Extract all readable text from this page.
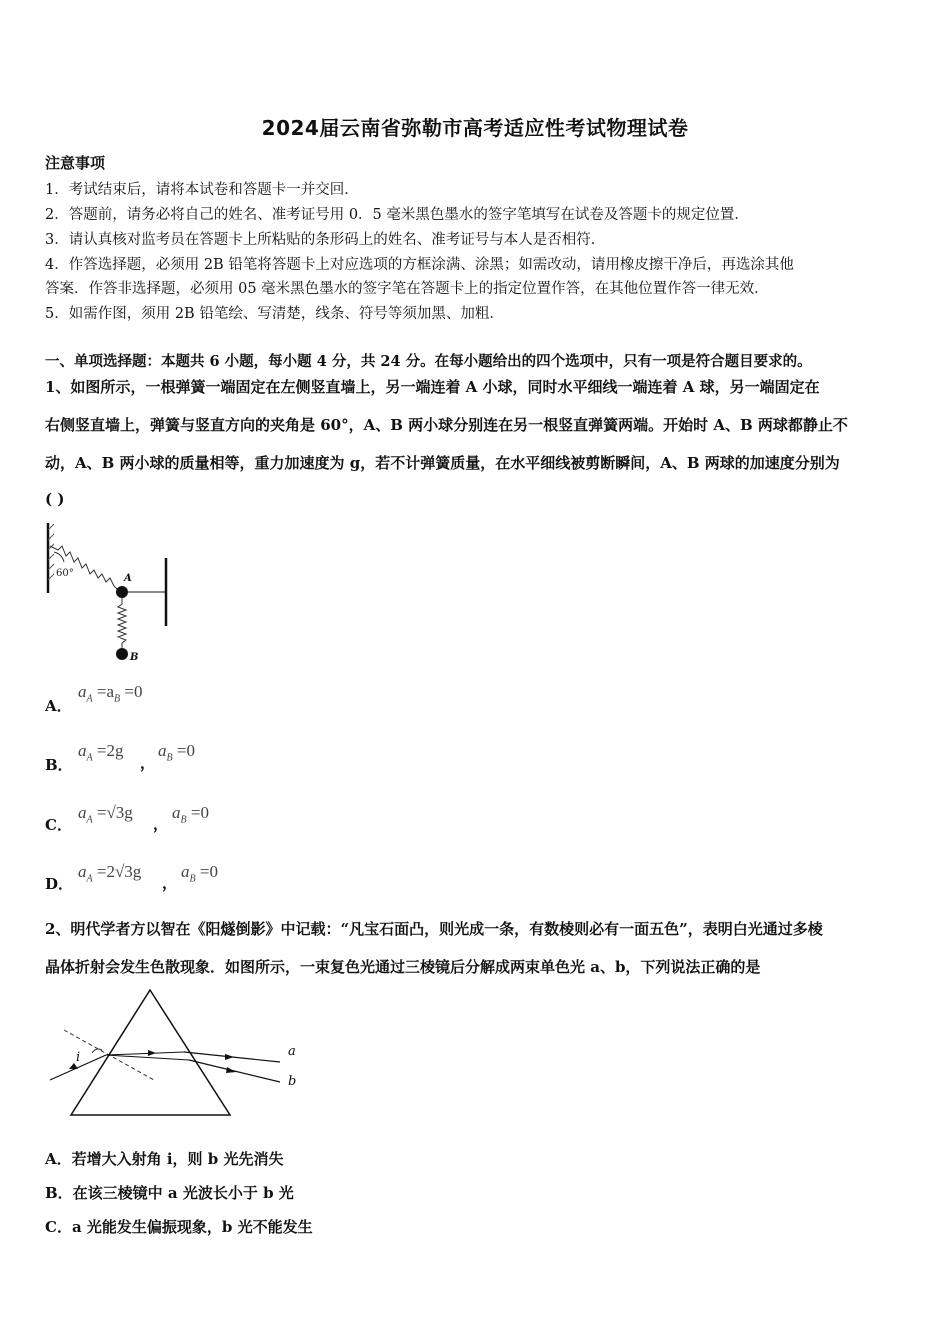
2024届云南省弥勒市高考适应性考试物理试卷
注意事项
1．考试结束后，请将本试卷和答题卡一并交回．
2．答题前，请务必将自己的姓名、准考证号用 0．5 毫米黑色墨水的签字笔填写在试卷及答题卡的规定位置．
3．请认真核对监考员在答题卡上所粘贴的条形码上的姓名、准考证号与本人是否相符．
4．作答选择题，必须用 2B 铅笔将答题卡上对应选项的方框涂满、涂黑；如需改动，请用橡皮擦干净后，再选涂其他
答案．作答非选择题，必须用 05 毫米黑色墨水的签字笔在答题卡上的指定位置作答，在其他位置作答一律无效．
5．如需作图，须用 2B 铅笔绘、写清楚，线条、符号等须加黑、加粗．
一、单项选择题：本题共 6 小题，每小题 4 分，共 24 分。在每小题给出的四个选项中，只有一项是符合题目要求的。
1、如图所示，一根弹簧一端固定在左侧竖直墙上，另一端连着 A 小球，同时水平细线一端连着 A 球，另一端固定在
右侧竖直墙上，弹簧与竖直方向的夹角是 60°，A、B 两小球分别连在另一根竖直弹簧两端。开始时 A、B 两球都静止不
动，A、B 两小球的质量相等，重力加速度为 g，若不计弹簧质量，在水平细线被剪断瞬间，A、B 两球的加速度分别为
( )
60°	A
B
A．
$a_A =a_B =0$
B．
$a_A =2g$
，
$a_B =0$
C．
$a_A =√3g$
，
$a_B =0$
D．
$a_A =2√3g$
，
$a_B =0$
2、明代学者方以智在《阳燧倒影》中记载：“凡宝石面凸，则光成一条，有数棱则必有一面五色”，表明白光通过多棱
晶体折射会发生色散现象．如图所示，一束复色光通过三棱镜后分解成两束单色光 a、b，下列说法正确的是
i	a
b
A．若增大入射角 i，则 b 光先消失
B．在该三棱镜中 a 光波长小于 b 光
C．a 光能发生偏振现象，b 光不能发生
